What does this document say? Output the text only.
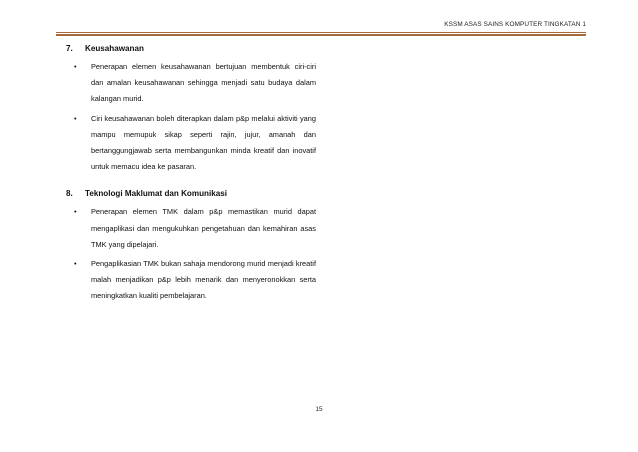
KSSM ASAS SAINS KOMPUTER TINGKATAN 1

7. Keusahawanan

• Penerapan elemen keusahawanan bertujuan membentuk ciri-ciri dan amalan keusahawanan sehingga menjadi satu budaya dalam kalangan murid.
• Ciri keusahawanan boleh diterapkan dalam p&p melalui aktiviti yang mampu memupuk sikap seperti rajin, jujur, amanah dan bertanggungjawab serta membangunkan minda kreatif dan inovatif untuk memacu idea ke pasaran.

8. Teknologi Maklumat dan Komunikasi

• Penerapan elemen TMK dalam p&p memastikan murid dapat mengaplikasi dan mengukuhkan pengetahuan dan kemahiran asas TMK yang dipelajari.
• Pengaplikasian TMK bukan sahaja mendorong murid menjadi kreatif malah menjadikan p&p lebih menarik dan menyeronokkan serta meningkatkan kualiti pembelajaran.
15
